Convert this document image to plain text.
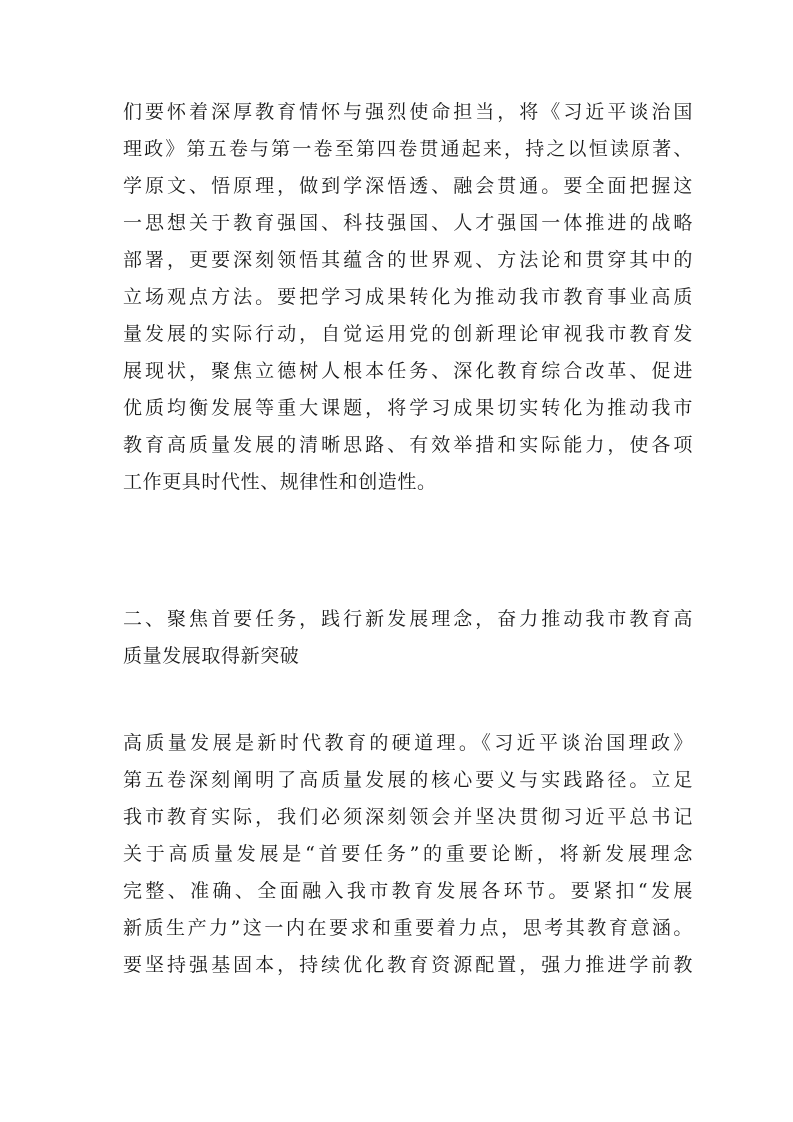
们要怀着深厚教育情怀与强烈使命担当，将《习近平谈治国
理政》第五卷与第一卷至第四卷贯通起来，持之以恒读原著、
学原文、悟原理，做到学深悟透、融会贯通。要全面把握这
一思想关于教育强国、科技强国、人才强国一体推进的战略
部署，更要深刻领悟其蕴含的世界观、方法论和贯穿其中的
立场观点方法。要把学习成果转化为推动我市教育事业高质
量发展的实际行动，自觉运用党的创新理论审视我市教育发
展现状，聚焦立德树人根本任务、深化教育综合改革、促进
优质均衡发展等重大课题，将学习成果切实转化为推动我市
教育高质量发展的清晰思路、有效举措和实际能力，使各项
工作更具时代性、规律性和创造性。
二、聚焦首要任务，践行新发展理念，奋力推动我市教育高
质量发展取得新突破
高质量发展是新时代教育的硬道理。《习近平谈治国理政》
第五卷深刻阐明了高质量发展的核心要义与实践路径。立足
我市教育实际，我们必须深刻领会并坚决贯彻习近平总书记
关于高质量发展是“首要任务”的重要论断，将新发展理念
完整、准确、全面融入我市教育发展各环节。要紧扣“发展
新质生产力”这一内在要求和重要着力点，思考其教育意涵。
要坚持强基固本，持续优化教育资源配置，强力推进学前教
